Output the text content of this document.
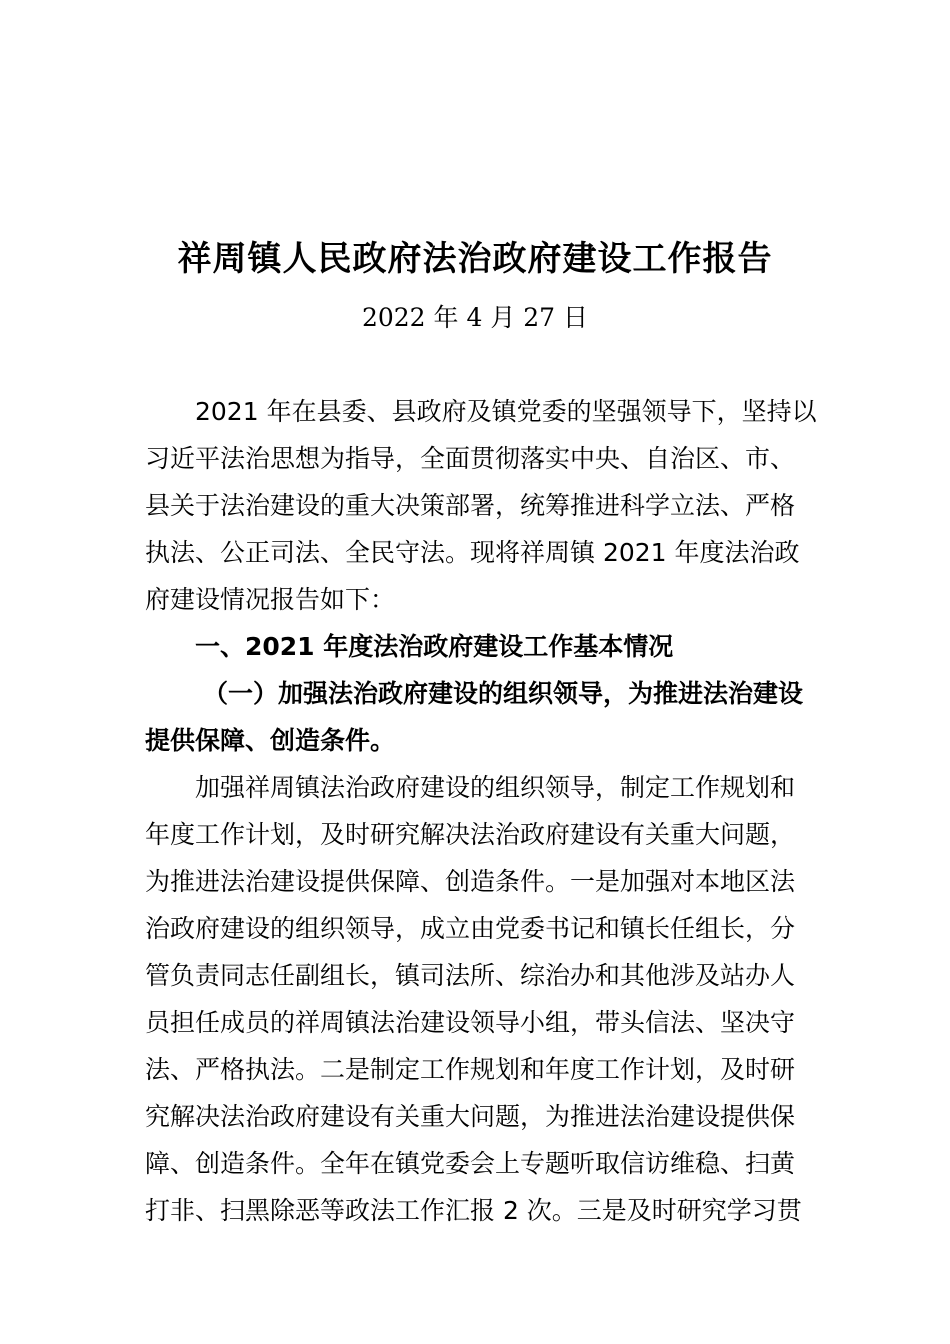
祥周镇人民政府法治政府建设工作报告
2022 年 4 月 27 日
2021 年在县委、县政府及镇党委的坚强领导下，坚持以
习近平法治思想为指导，全面贯彻落实中央、自治区、市、
县关于法治建设的重大决策部署，统筹推进科学立法、严格
执法、公正司法、全民守法。现将祥周镇 2021 年度法治政
府建设情况报告如下：
一、2021 年度法治政府建设工作基本情况
（一）加强法治政府建设的组织领导，为推进法治建设
提供保障、创造条件。
加强祥周镇法治政府建设的组织领导，制定工作规划和
年度工作计划，及时研究解决法治政府建设有关重大问题，
为推进法治建设提供保障、创造条件。一是加强对本地区法
治政府建设的组织领导，成立由党委书记和镇长任组长，分
管负责同志任副组长，镇司法所、综治办和其他涉及站办人
员担任成员的祥周镇法治建设领导小组，带头信法、坚决守
法、严格执法。二是制定工作规划和年度工作计划，及时研
究解决法治政府建设有关重大问题，为推进法治建设提供保
障、创造条件。全年在镇党委会上专题听取信访维稳、扫黄
打非、扫黑除恶等政法工作汇报 2 次。三是及时研究学习贯
